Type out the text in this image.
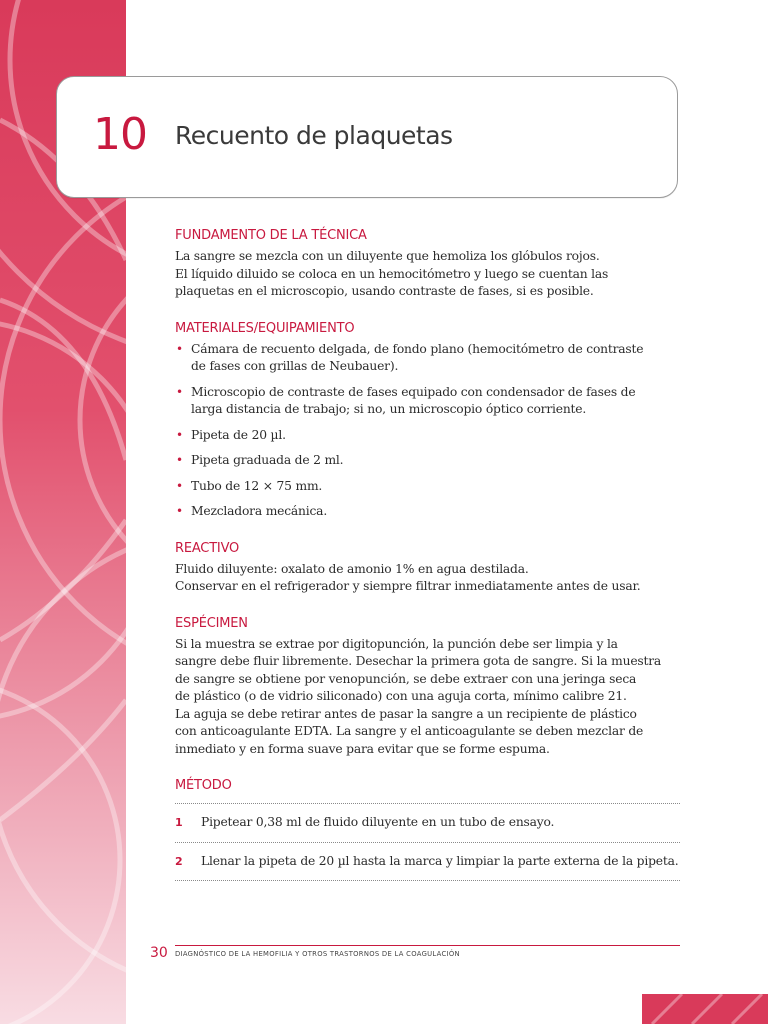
10 Recuento de plaquetas
FUNDAMENTO DE LA TÉCNICA

La sangre se mezcla con un diluyente que hemoliza los glóbulos rojos.
El líquido diluido se coloca en un hemocitómetro y luego se cuentan las
plaquetas en el microscopio, usando contraste de fases, si es posible.

MATERIALES/EQUIPAMIENTO
• Cámara de recuento delgada, de fondo plano (hemocitómetro de contraste
de fases con grillas de Neubauer).
• Microscopio de contraste de fases equipado con condensador de fases de
larga distancia de trabajo; si no, un microscopio óptico corriente.
• Pipeta de 20 µl.
• Pipeta graduada de 2 ml.
• Tubo de 12 × 75 mm.
• Mezcladora mecánica.
REACTIVO

Fluido diluyente: oxalato de amonio 1% en agua destilada.
Conservar en el refrigerador y siempre filtrar inmediatamente antes de usar.

ESPÉCIMEN

Si la muestra se extrae por digitopunción, la punción debe ser limpia y la
sangre debe fluir libremente. Desechar la primera gota de sangre. Si la muestra
de sangre se obtiene por venopunción, se debe extraer con una jeringa seca
de plástico (o de vidrio siliconado) con una aguja corta, mínimo calibre 21.
La aguja se debe retirar antes de pasar la sangre a un recipiente de plástico
con anticoagulante EDTA. La sangre y el anticoagulante se deben mezclar de
inmediato y en forma suave para evitar que se forme espuma.

MÉTODO
1 Pipetear 0,38 ml de fluido diluyente en un tubo de ensayo.
2 Llenar la pipeta de 20 µl hasta la marca y limpiar la parte externa de la pipeta.
30 DIAGNÓSTICO DE LA HEMOFILIA Y OTROS TRASTORNOS DE LA COAGULACIÓN
